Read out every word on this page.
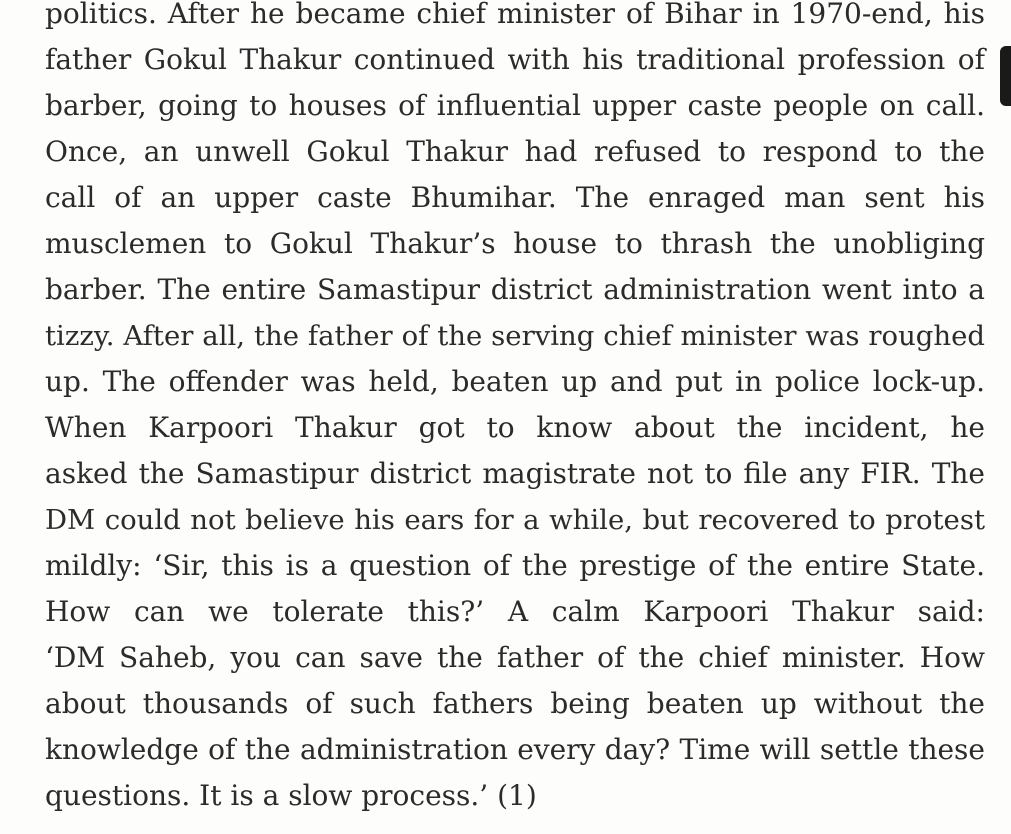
politics. After he became chief minister of Bihar in 1970-end, his
father Gokul Thakur continued with his traditional profession of
barber, going to houses of influential upper caste people on call.
Once, an unwell Gokul Thakur had refused to respond to the
call of an upper caste Bhumihar. The enraged man sent his
musclemen to Gokul Thakur’s house to thrash the unobliging
barber. The entire Samastipur district administration went into a
tizzy. After all, the father of the serving chief minister was roughed
up. The offender was held, beaten up and put in police lock-up.
When Karpoori Thakur got to know about the incident, he
asked the Samastipur district magistrate not to file any FIR. The
DM could not believe his ears for a while, but recovered to protest
mildly: ‘Sir, this is a question of the prestige of the entire State.
How can we tolerate this?’ A calm Karpoori Thakur said:
‘DM Saheb, you can save the father of the chief minister. How
about thousands of such fathers being beaten up without the
knowledge of the administration every day? Time will settle these
questions. It is a slow process.’ (1)
